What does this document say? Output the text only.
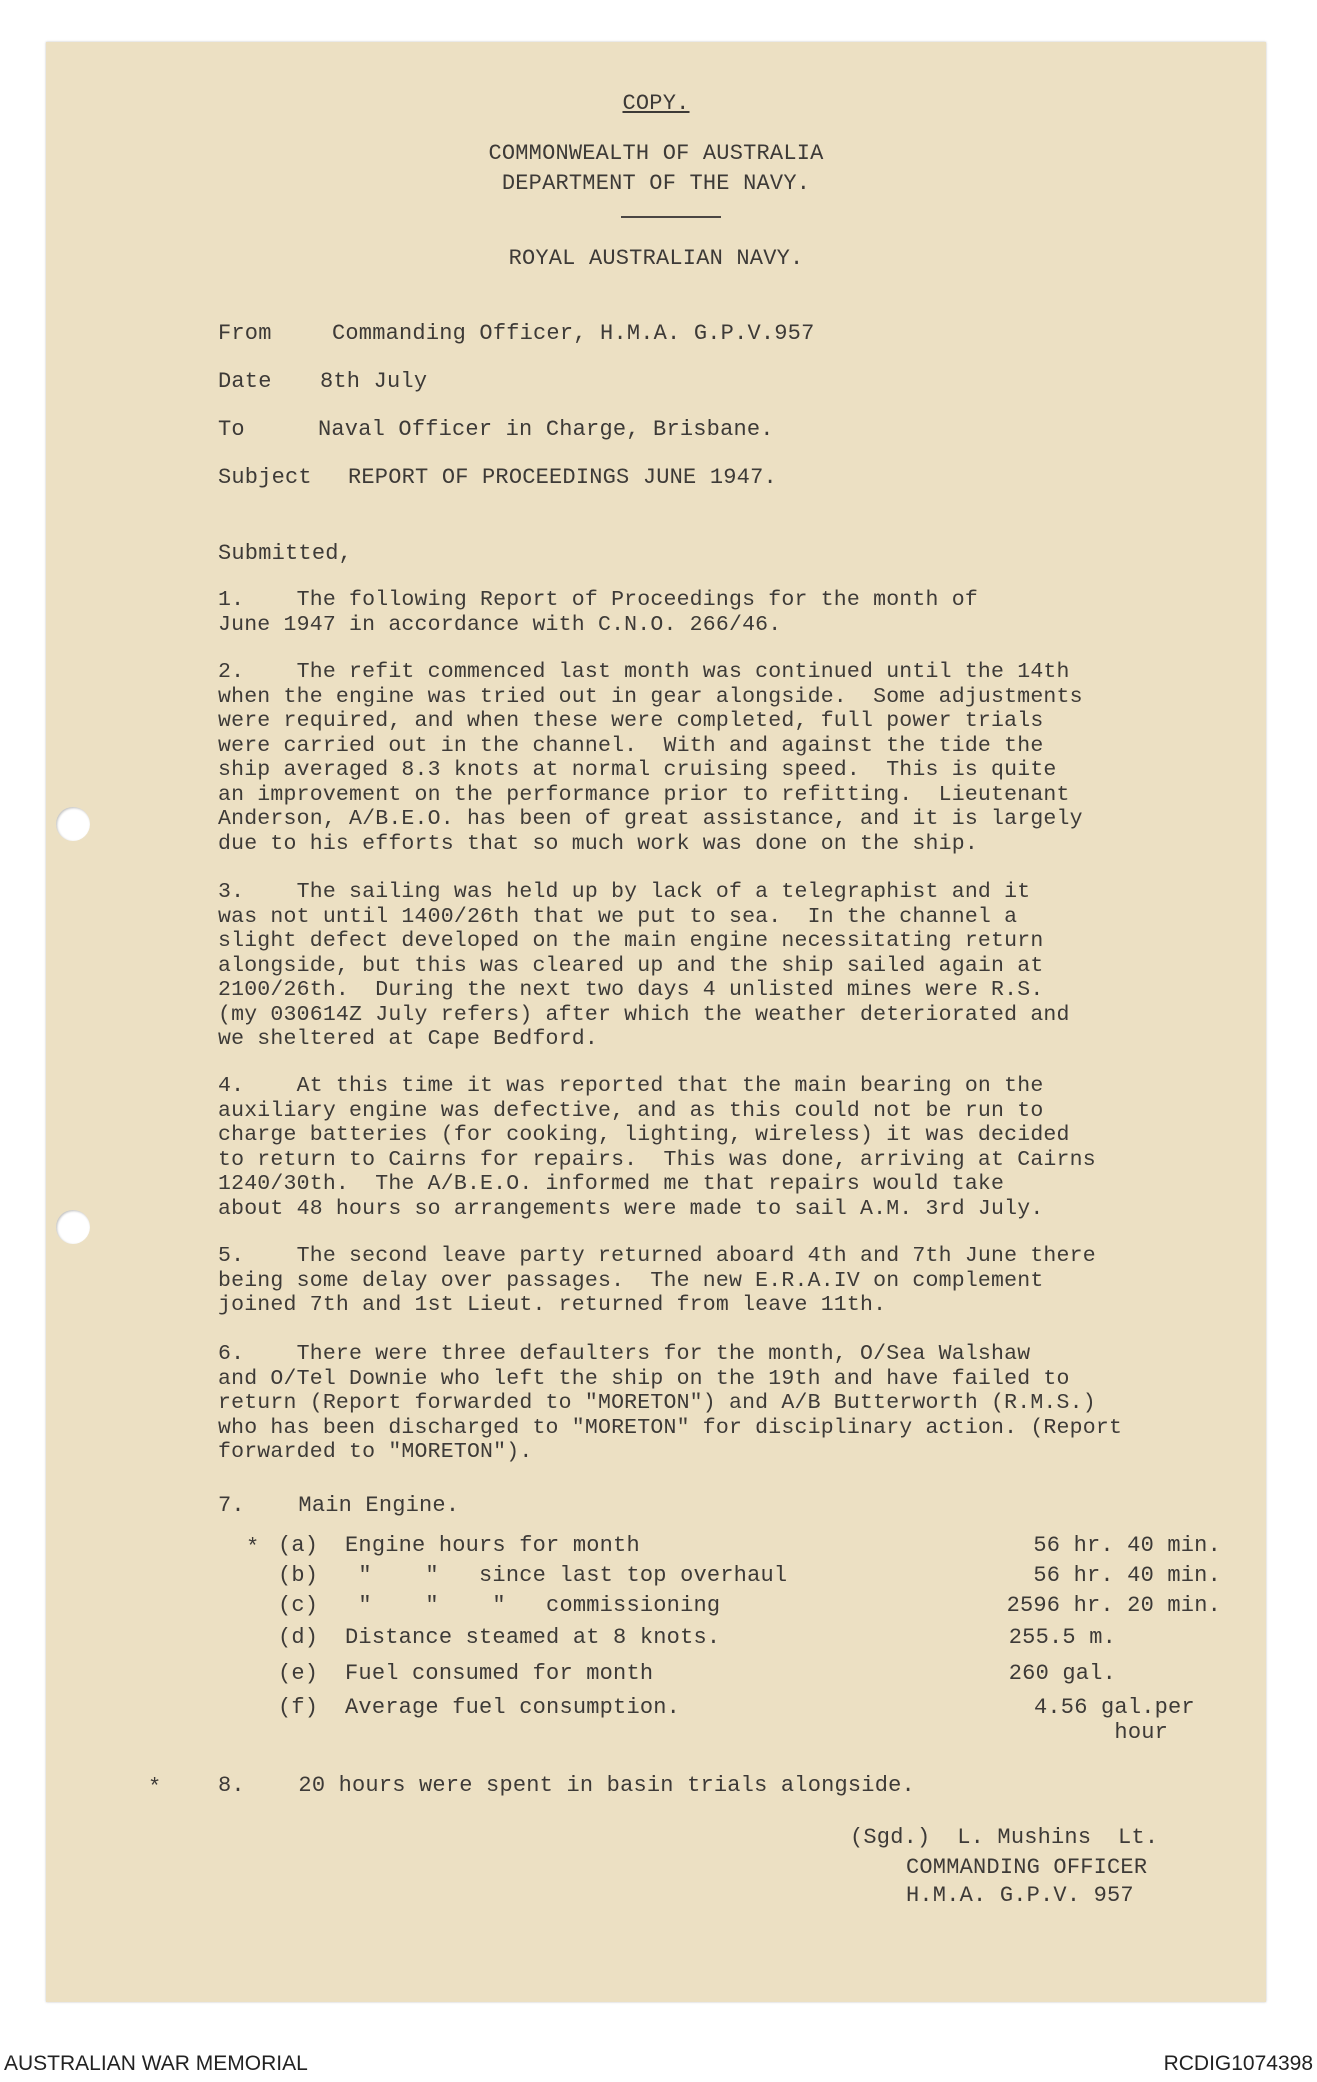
COPY.
COMMONWEALTH OF AUSTRALIA
DEPARTMENT OF THE NAVY.
ROYAL AUSTRALIAN NAVY.
From	Commanding Officer, H.M.A. G.P.V.957
Date 8th July
To	Naval Officer in Charge, Brisbane.
Subject REPORT OF PROCEEDINGS JUNE 1947.
Submitted,
1.    The following Report of Proceedings for the month of
June 1947 in accordance with C.N.O. 266/46.
2.    The refit commenced last month was continued until the 14th
when the engine was tried out in gear alongside.  Some adjustments
were required, and when these were completed, full power trials
were carried out in the channel.  With and against the tide the
ship averaged 8.3 knots at normal cruising speed.  This is quite
an improvement on the performance prior to refitting.  Lieutenant
Anderson, A/B.E.O. has been of great assistance, and it is largely
due to his efforts that so much work was done on the ship.
3.    The sailing was held up by lack of a telegraphist and it
was not until 1400/26th that we put to sea.  In the channel a
slight defect developed on the main engine necessitating return
alongside, but this was cleared up and the ship sailed again at
2100/26th.  During the next two days 4 unlisted mines were R.S.
(my 030614Z July refers) after which the weather deteriorated and
we sheltered at Cape Bedford.
4.    At this time it was reported that the main bearing on the
auxiliary engine was defective, and as this could not be run to
charge batteries (for cooking, lighting, wireless) it was decided
to return to Cairns for repairs.  This was done, arriving at Cairns
1240/30th.  The A/B.E.O. informed me that repairs would take
about 48 hours so arrangements were made to sail A.M. 3rd July.
5.    The second leave party returned aboard 4th and 7th June there
being some delay over passages.  The new E.R.A.IV on complement
joined 7th and 1st Lieut. returned from leave 11th.
6.    There were three defaulters for the month, O/Sea Walshaw
and O/Tel Downie who left the ship on the 19th and have failed to
return (Report forwarded to "MORETON") and A/B Butterworth (R.M.S.)
who has been discharged to "MORETON" for disciplinary action. (Report
forwarded to "MORETON").
7.    Main Engine.
* (a)  Engine hours for month	56 hr. 40 min.
(b)   "    "   since last top overhaul	56 hr. 40 min.
(c)   "    "    "   commissioning	2596 hr. 20 min.
(d)  Distance steamed at 8 knots.	255.5 m.
(e)  Fuel consumed for month	260 gal.
(f)  Average fuel consumption.	4.56 gal.per
hour
*	8.    20 hours were spent in basin trials alongside.
(Sgd.)  L. Mushins  Lt.
COMMANDING OFFICER
H.M.A. G.P.V. 957
AUSTRALIAN WAR MEMORIAL	RCDIG1074398
